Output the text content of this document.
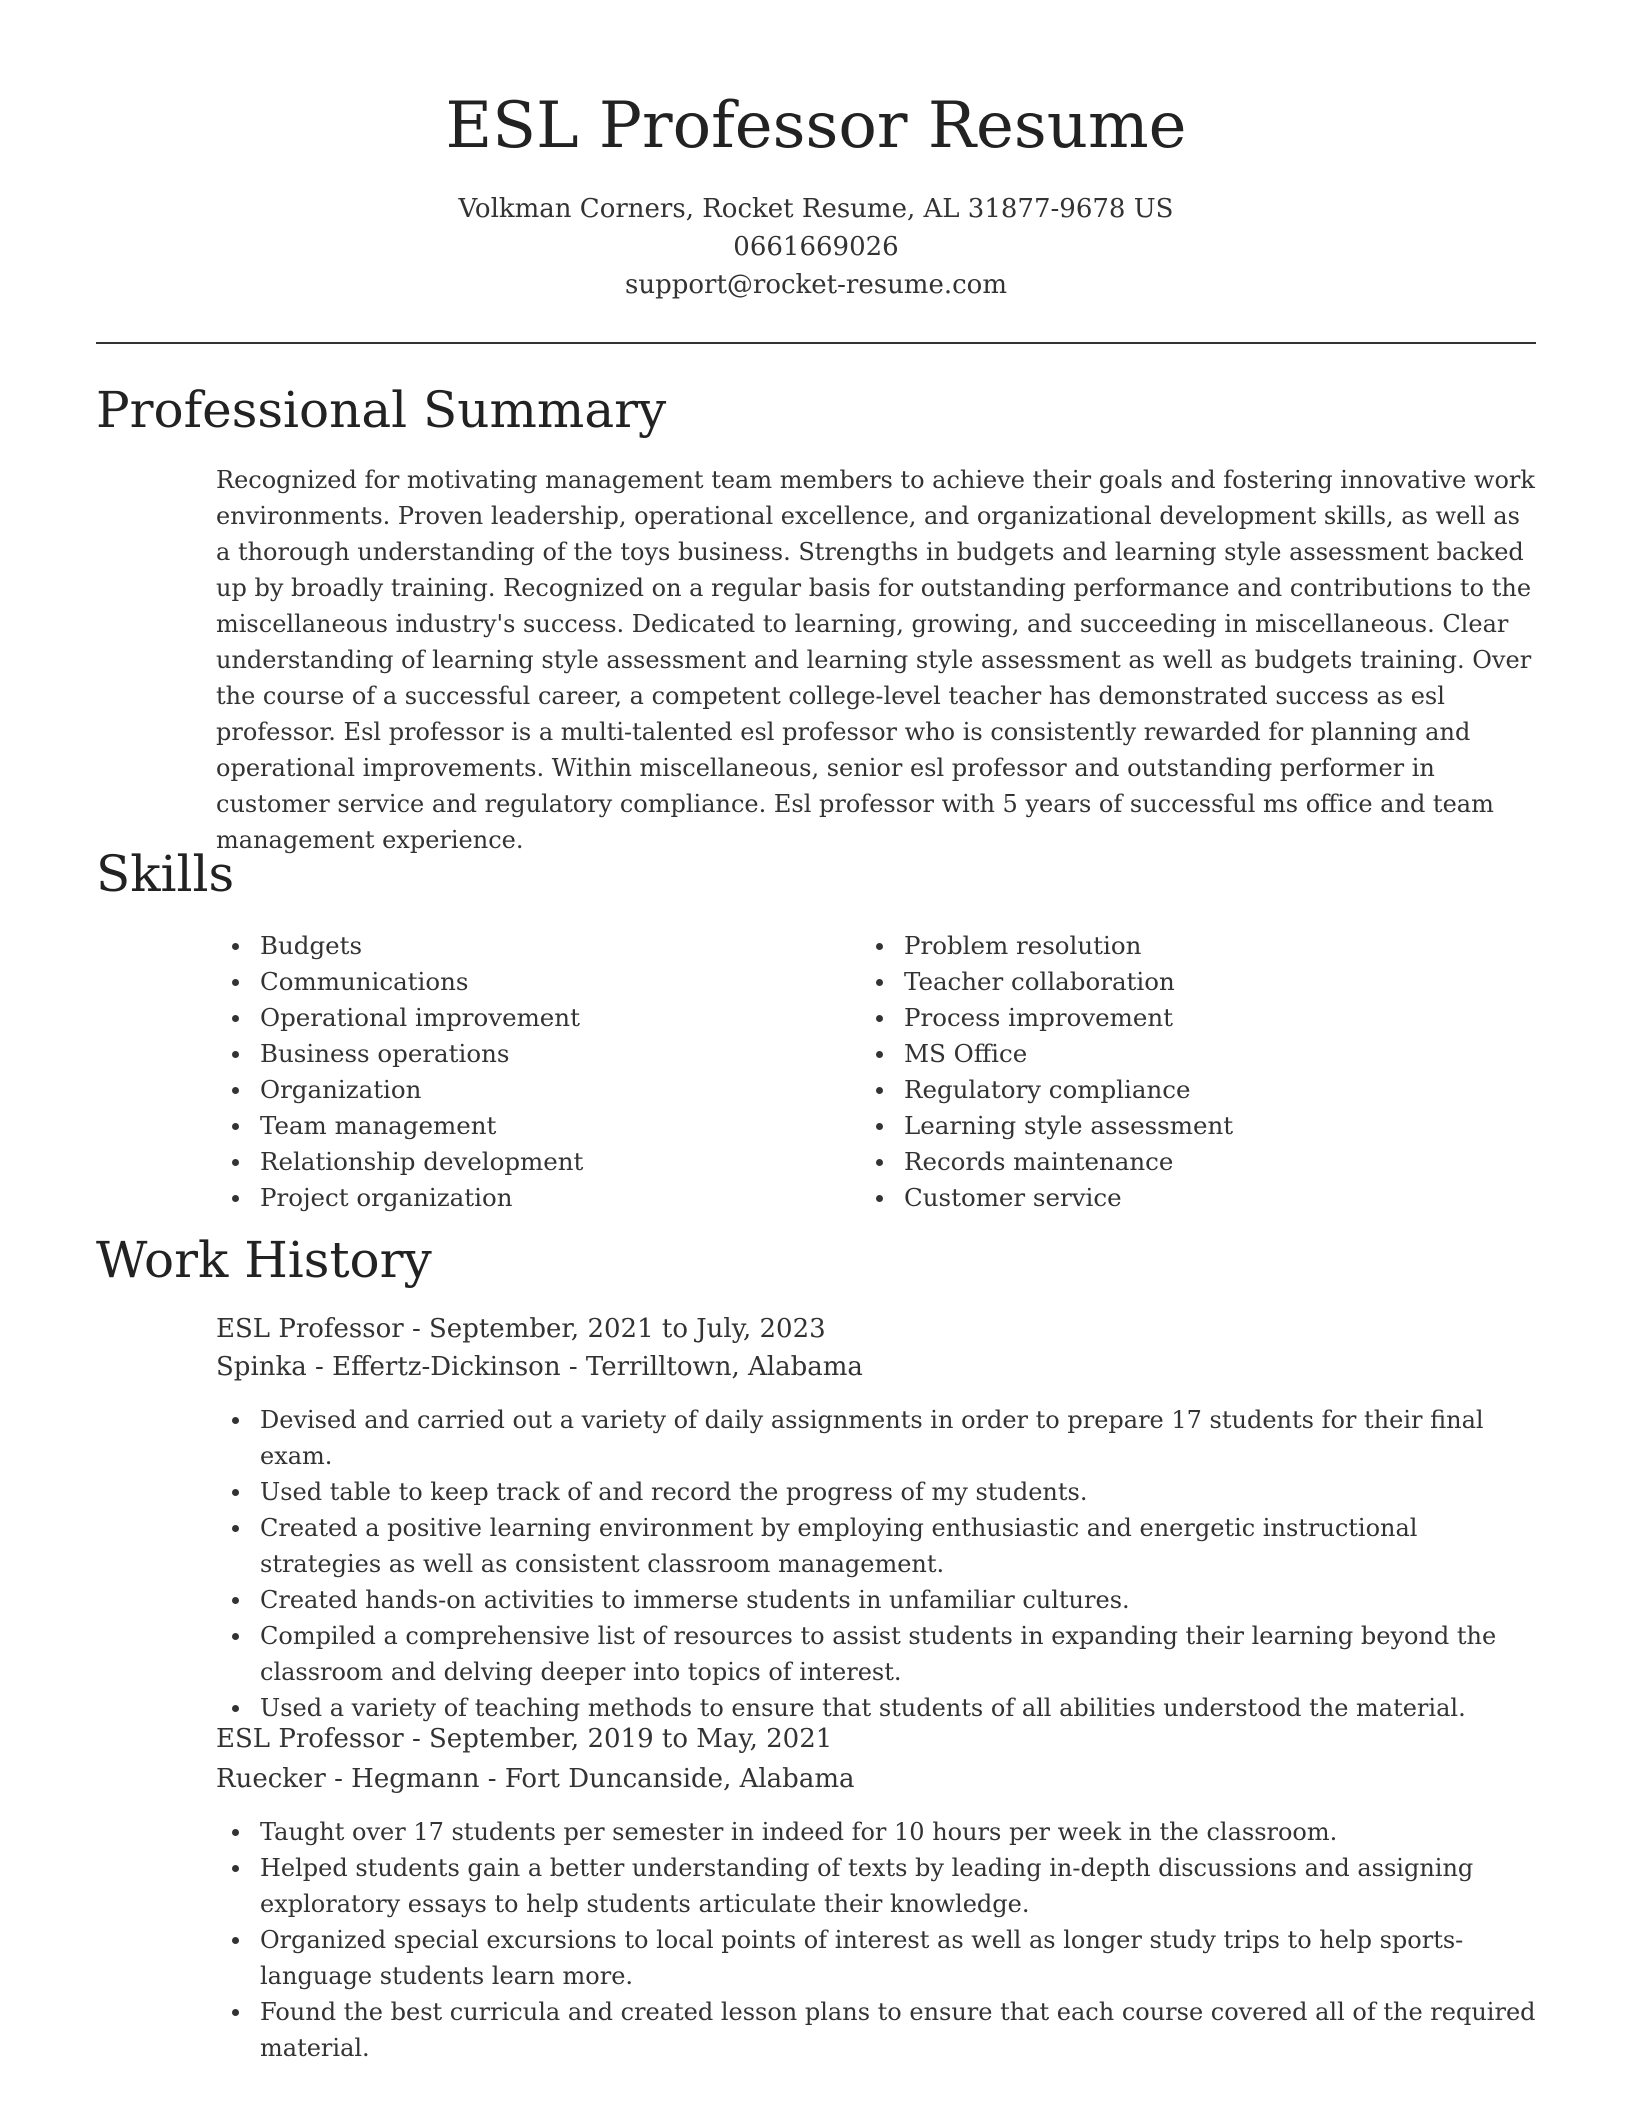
ESL Professor Resume
Volkman Corners, Rocket Resume, AL 31877-9678 US
0661669026
support@rocket-resume.com
Professional Summary

Recognized for motivating management team members to achieve their goals and fostering innovative work environments. Proven leadership, operational excellence, and organizational development skills, as well as a thorough understanding of the toys business. Strengths in budgets and learning style assessment backed up by broadly training. Recognized on a regular basis for outstanding performance and contributions to the miscellaneous industry's success. Dedicated to learning, growing, and succeeding in miscellaneous. Clear understanding of learning style assessment and learning style assessment as well as budgets training. Over the course of a successful career, a competent college-level teacher has demonstrated success as esl professor. Esl professor is a multi-talented esl professor who is consistently rewarded for planning and operational improvements. Within miscellaneous, senior esl professor and outstanding performer in customer service and regulatory compliance. Esl professor with 5 years of successful ms office and team management experience.

Skills
Budgets
Communications
Operational improvement
Business operations
Organization
Team management
Relationship development
Project organization
Problem resolution
Teacher collaboration
Process improvement
MS Office
Regulatory compliance
Learning style assessment
Records maintenance
Customer service
Work History
ESL Professor - September, 2021 to July, 2023
Spinka - Effertz-Dickinson - Terrilltown, Alabama
Devised and carried out a variety of daily assignments in order to prepare 17 students for their final exam.
Used table to keep track of and record the progress of my students.
Created a positive learning environment by employing enthusiastic and energetic instructional strategies as well as consistent classroom management.
Created hands-on activities to immerse students in unfamiliar cultures.
Compiled a comprehensive list of resources to assist students in expanding their learning beyond the classroom and delving deeper into topics of interest.
Used a variety of teaching methods to ensure that students of all abilities understood the material.
ESL Professor - September, 2019 to May, 2021
Ruecker - Hegmann - Fort Duncanside, Alabama
Taught over 17 students per semester in indeed for 10 hours per week in the classroom.
Helped students gain a better understanding of texts by leading in-depth discussions and assigning exploratory essays to help students articulate their knowledge.
Organized special excursions to local points of interest as well as longer study trips to help sports-language students learn more.
Found the best curricula and created lesson plans to ensure that each course covered all of the required material.
